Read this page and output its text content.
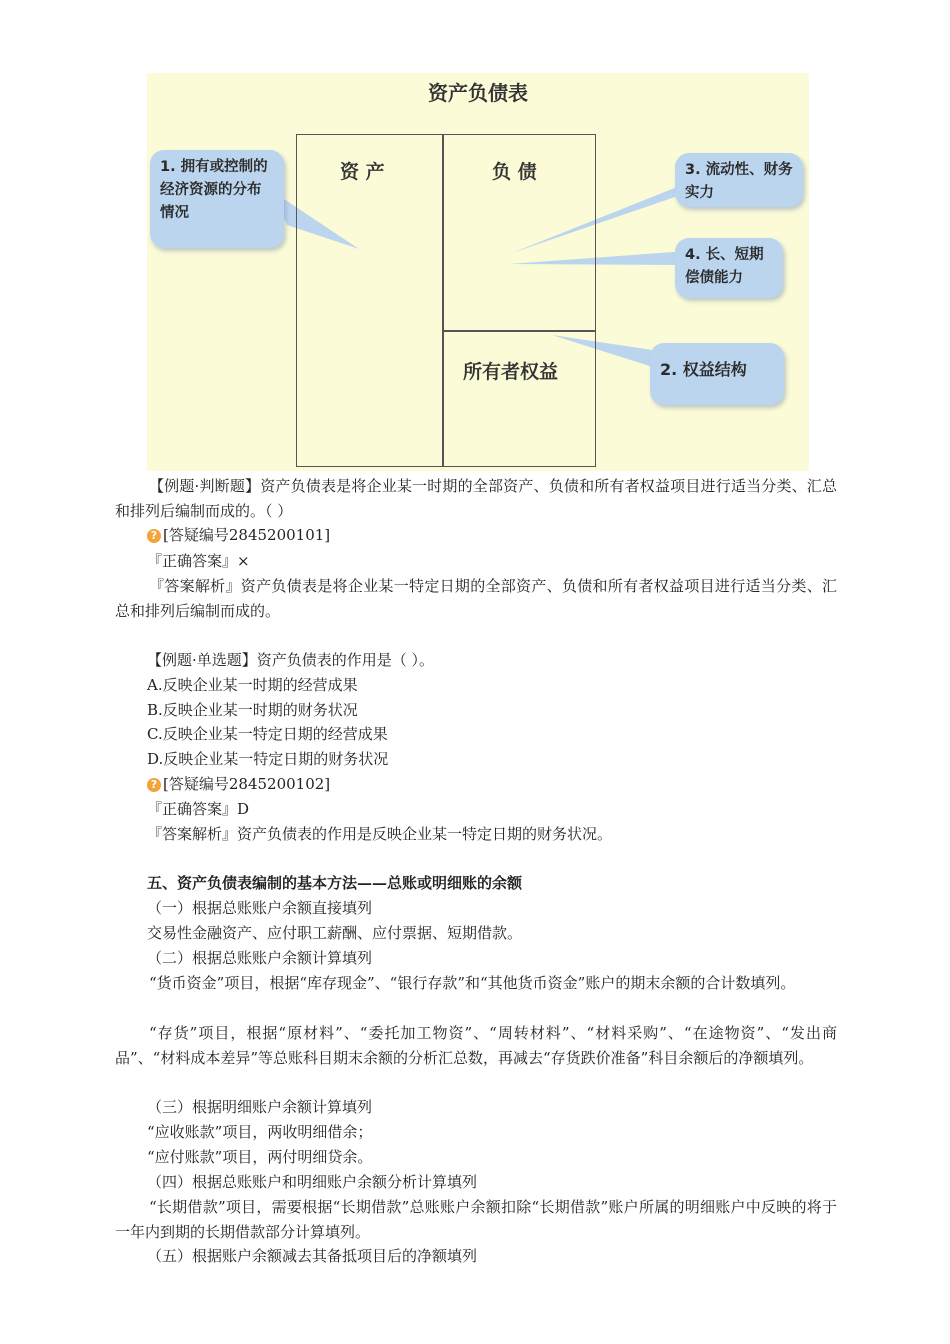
资产负债表
资 产	负 债
所有者权益
1. 拥有或控制的经济资源的分布情况
3. 流动性、财务实力
4. 长、短期偿债能力
2. 权益结构
【例题·判断题】资产负债表是将企业某一时期的全部资产、负债和所有者权益项目进行适当分类、汇总和排列后编制而成的。（ ）
? [答疑编号2845200101]
『正确答案』×
『答案解析』资产负债表是将企业某一特定日期的全部资产、负债和所有者权益项目进行适当分类、汇总和排列后编制而成的。
【例题·单选题】资产负债表的作用是（ ）。
A.反映企业某一时期的经营成果
B.反映企业某一时期的财务状况
C.反映企业某一特定日期的经营成果
D.反映企业某一特定日期的财务状况
? [答疑编号2845200102]
『正确答案』D
『答案解析』资产负债表的作用是反映企业某一特定日期的财务状况。
五、资产负债表编制的基本方法——总账或明细账的余额
（一）根据总账账户余额直接填列
交易性金融资产、应付职工薪酬、应付票据、短期借款。
（二）根据总账账户余额计算填列
“货币资金”项目，根据“库存现金”、“银行存款”和“其他货币资金”账户的期末余额的合计数填列。
“存货”项目，根据“原材料”、“委托加工物资”、“周转材料”、“材料采购”、“在途物资”、“发出商品”、“材料成本差异”等总账科目期末余额的分析汇总数，再减去“存货跌价准备”科目余额后的净额填列。
（三）根据明细账户余额计算填列
“应收账款”项目，两收明细借余；
“应付账款”项目，两付明细贷余。
（四）根据总账账户和明细账户余额分析计算填列
“长期借款”项目，需要根据“长期借款”总账账户余额扣除“长期借款”账户所属的明细账户中反映的将于一年内到期的长期借款部分计算填列。
（五）根据账户余额减去其备抵项目后的净额填列
